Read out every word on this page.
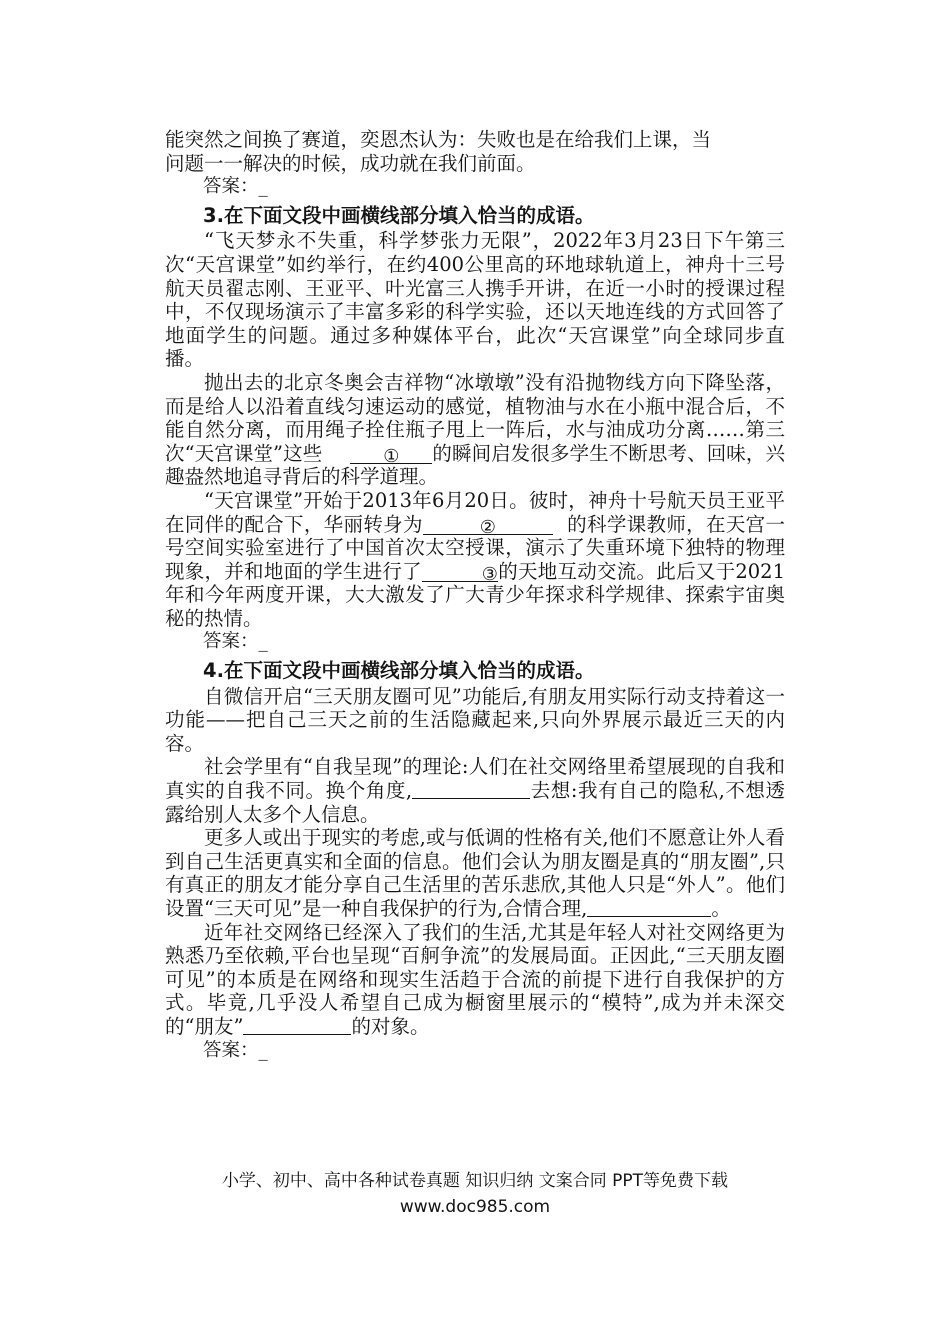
能突然之间换了赛道，奕恩杰认为：失败也是在给我们上课，当

问题一一解决的时候，成功就在我们前面。

答案：_

3.在下面文段中画横线部分填入恰当的成语。

“飞天梦永不失重，科学梦张力无限”，2022年3月23日下午第三次“天宫课堂”如约举行，在约400公里高的环地球轨道上，神舟十三号航天员翟志刚、王亚平、叶光富三人携手开讲，在近一小时的授课过程中，不仅现场演示了丰富多彩的科学实验，还以天地连线的方式回答了地面学生的问题。通过多种媒体平台，此次“天宫课堂”向全球同步直播。

抛出去的北京冬奥会吉祥物“冰墩墩”没有沿抛物线方向下降坠落，而是给人以沿着直线匀速运动的感觉，植物油与水在小瓶中混合后，不能自然分离，而用绳子拴住瓶子甩上一阵后，水与油成功分离……第三次“天宫课堂”这些	① 的瞬间启发很多学生不断思考、回味，兴趣盎然地追寻背后的科学道理。

“天宫课堂”开始于2013年6月20日。彼时，神舟十号航天员王亚平在同伴的配合下，华丽转身为	②	的科学课教师，在天宫一号空间实验室进行了中国首次太空授课，演示了失重环境下独特的物理现象，并和地面的学生进行了	③的天地互动交流。此后又于2021年和今年两度开课，大大激发了广大青少年探求科学规律、探索宇宙奥秘的热情。

答案：_

4.在下面文段中画横线部分填入恰当的成语。

自微信开启“三天朋友圈可见”功能后,有朋友用实际行动支持着这一功能——把自己三天之前的生活隐藏起来,只向外界展示最近三天的内容。

社会学里有“自我呈现”的理论:人们在社交网络里希望展现的自我和真实的自我不同。换个角度,	去想:我有自己的隐私,不想透露给别人太多个人信息。

更多人或出于现实的考虑,或与低调的性格有关,他们不愿意让外人看到自己生活更真实和全面的信息。他们会认为朋友圈是真的“朋友圈”,只有真正的朋友才能分享自己生活里的苦乐悲欣,其他人只是“外人”。他们设置“三天可见”是一种自我保护的行为,合情合理,	。

近年社交网络已经深入了我们的生活,尤其是年轻人对社交网络更为熟悉乃至依赖,平台也呈现“百舸争流”的发展局面。正因此,“三天朋友圈可见”的本质是在网络和现实生活趋于合流的前提下进行自我保护的方式。毕竟,几乎没人希望自己成为橱窗里展示的“模特”,成为并未深交的“朋友”	的对象。

答案：_

小学、初中、高中各种试卷真题 知识归纳 文案合同 PPT等免费下载
www.doc985.com
